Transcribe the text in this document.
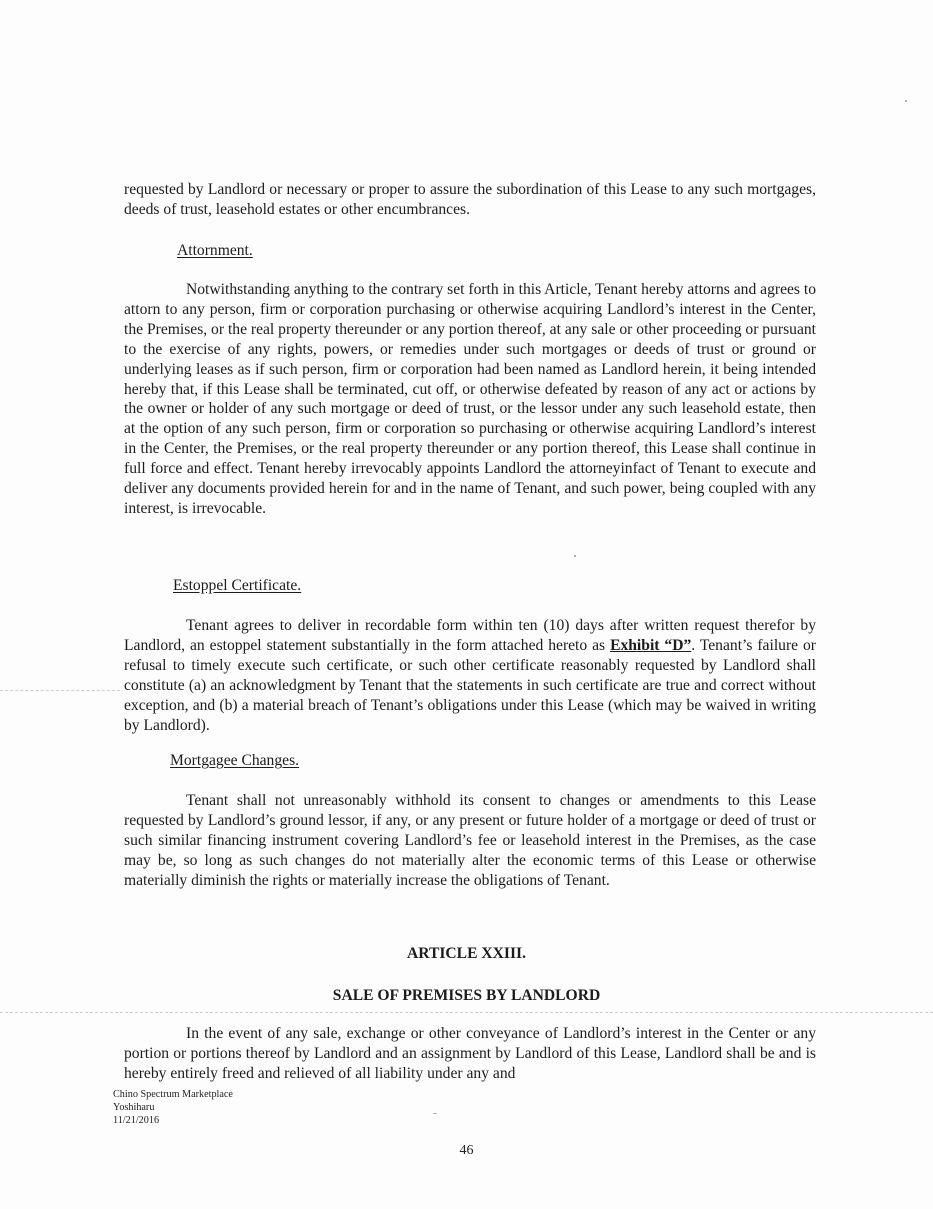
requested by Landlord or necessary or proper to assure the subordination of this Lease to any such mortgages, deeds of trust, leasehold estates or other encumbrances.

Attornment.

Notwithstanding anything to the contrary set forth in this Article, Tenant hereby attorns and agrees to attorn to any person, firm or corporation purchasing or otherwise acquiring Landlord’s interest in the Center, the Premises, or the real property thereunder or any portion thereof, at any sale or other proceeding or pursuant to the exercise of any rights, powers, or remedies under such mortgages or deeds of trust or ground or underlying leases as if such person, firm or corporation had been named as Landlord herein, it being intended hereby that, if this Lease shall be terminated, cut off, or otherwise defeated by reason of any act or actions by the owner or holder of any such mortgage or deed of trust, or the lessor under any such leasehold estate, then at the option of any such person, firm or corporation so purchasing or otherwise acquiring Landlord’s interest in the Center, the Premises, or the real property thereunder or any portion thereof, this Lease shall continue in full force and effect. Tenant hereby irrevocably appoints Landlord the attorneyinfact of Tenant to execute and deliver any documents provided herein for and in the name of Tenant, and such power, being coupled with any interest, is irrevocable.

Estoppel Certificate.

Tenant agrees to deliver in recordable form within ten (10) days after written request therefor by Landlord, an estoppel statement substantially in the form attached hereto as Exhibit “D”. Tenant’s failure or refusal to timely execute such certificate, or such other certificate reasonably requested by Landlord shall constitute (a) an acknowledgment by Tenant that the statements in such certificate are true and correct without exception, and (b) a material breach of Tenant’s obligations under this Lease (which may be waived in writing by Landlord).

Mortgagee Changes.

Tenant shall not unreasonably withhold its consent to changes or amendments to this Lease requested by Landlord’s ground lessor, if any, or any present or future holder of a mortgage or deed of trust or such similar financing instrument covering Landlord’s fee or leasehold interest in the Premises, as the case may be, so long as such changes do not materially alter the economic terms of this Lease or otherwise materially diminish the rights or materially increase the obligations of Tenant.

ARTICLE XXIII.
SALE OF PREMISES BY LANDLORD

In the event of any sale, exchange or other conveyance of Landlord’s interest in the Center or any portion or portions thereof by Landlord and an assignment by Landlord of this Lease, Landlord shall be and is hereby entirely freed and relieved of all liability under any and

Chino Spectrum Marketplace
Yoshiharu
11/21/2016
46
